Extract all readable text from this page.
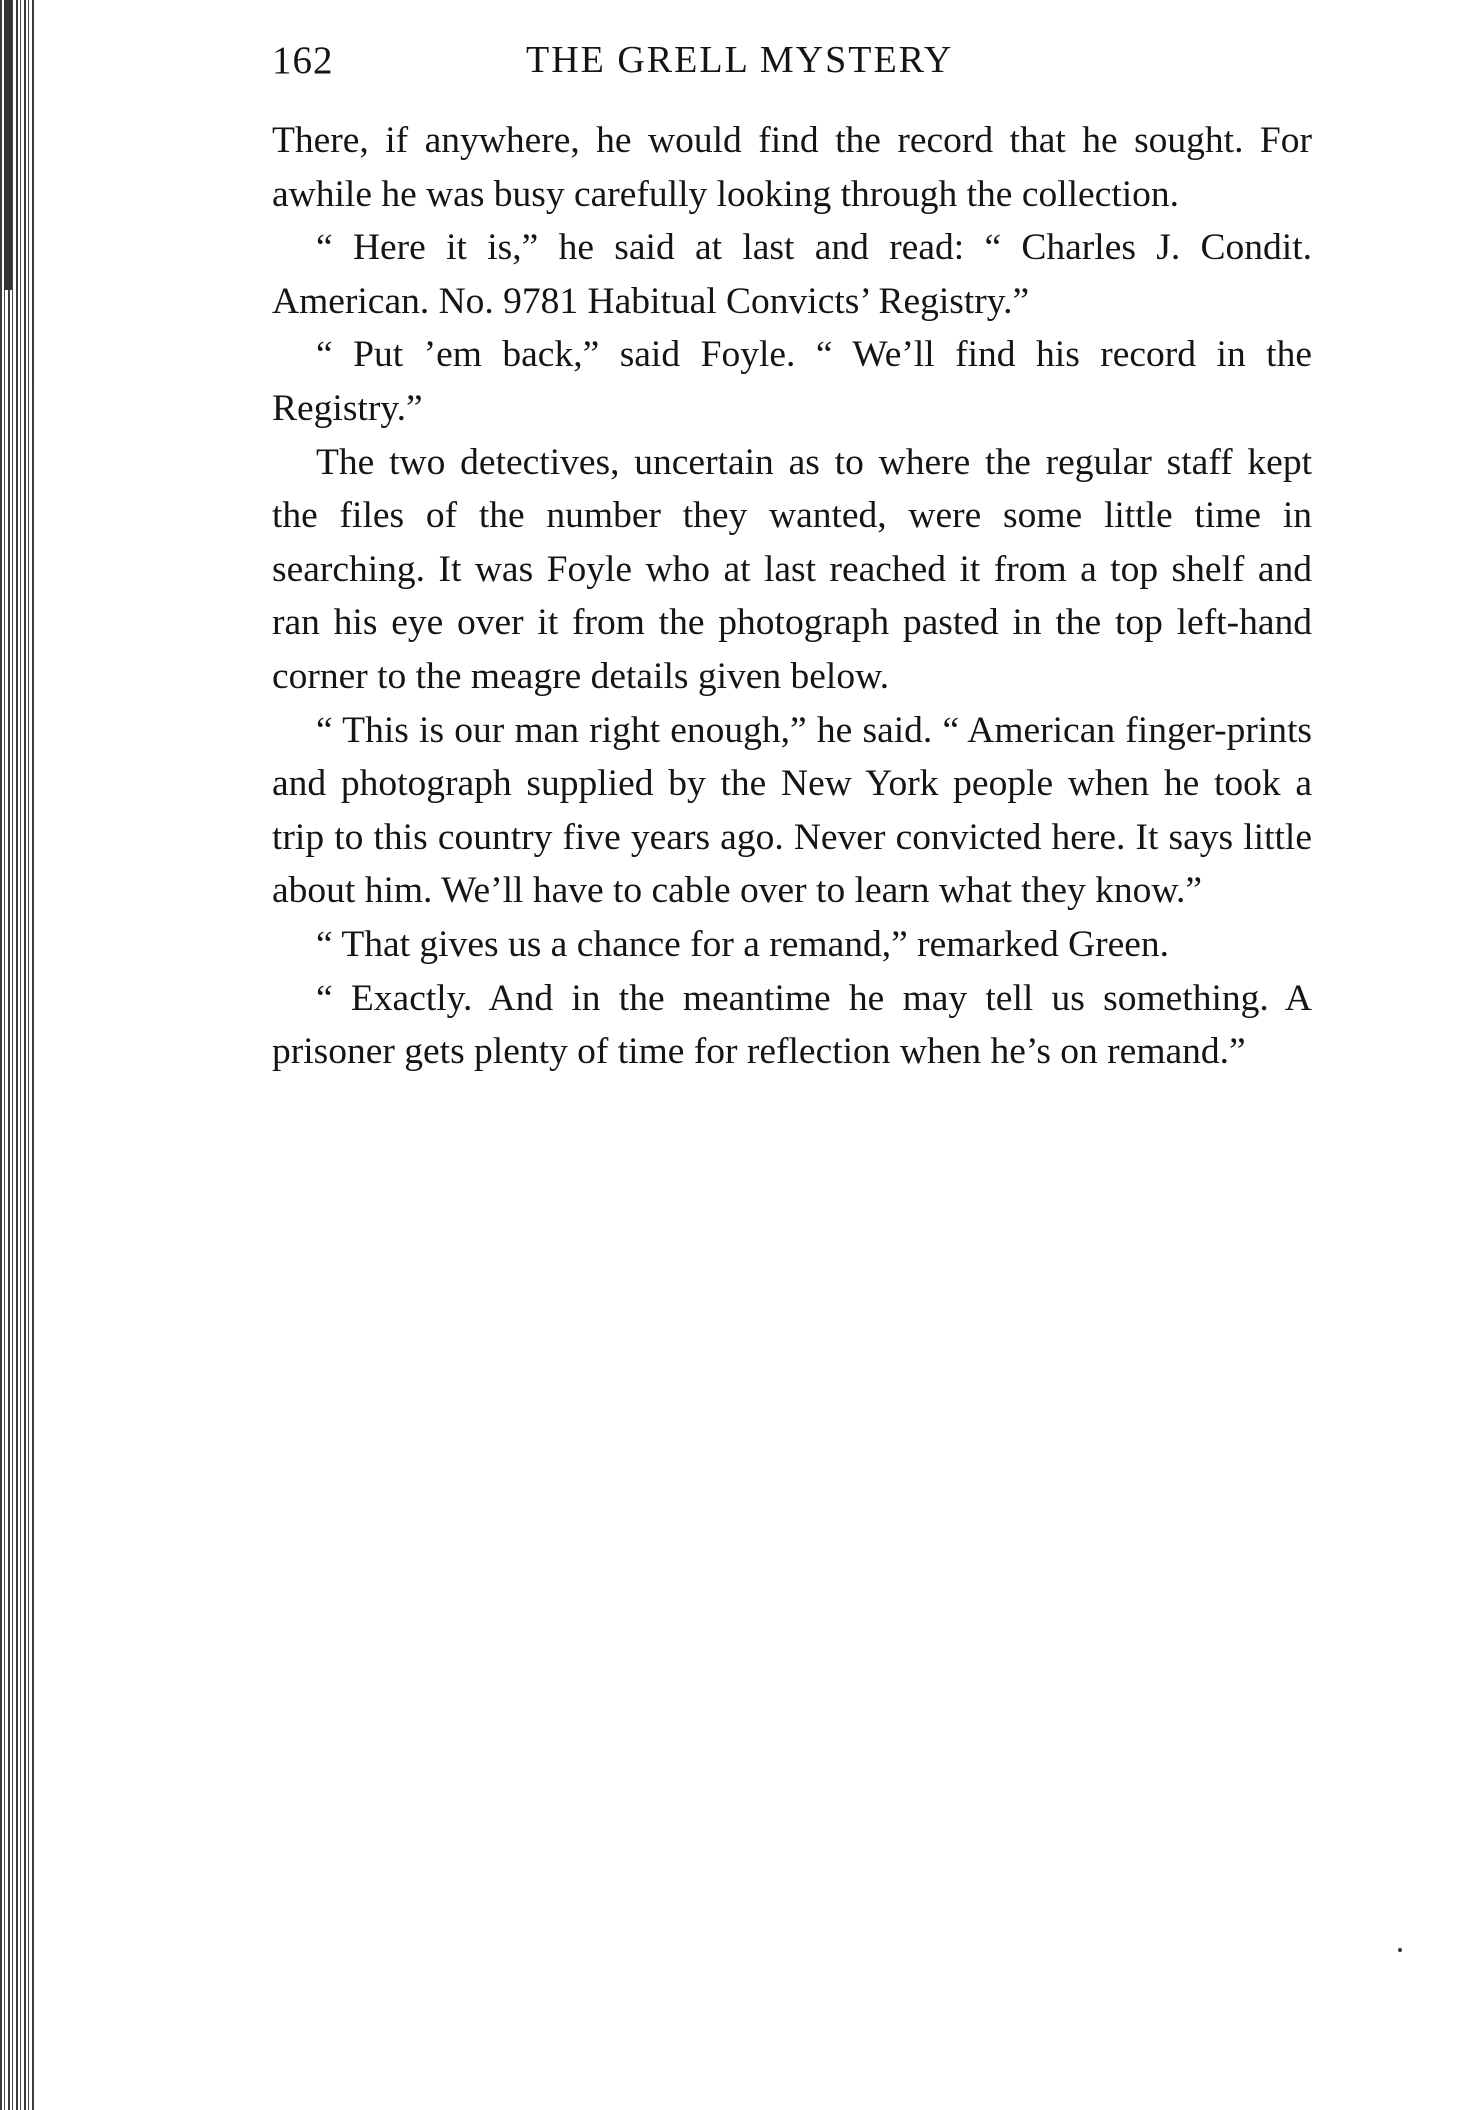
162	THE GRELL MYSTERY

There, if anywhere, he would find the record that he sought. For awhile he was busy carefully looking through the collection.

“ Here it is,” he said at last and read: “ Charles J. Condit. American. No. 9781 Habitual Convicts’ Registry.”

“ Put ’em back,” said Foyle. “ We’ll find his record in the Registry.”

The two detectives, uncertain as to where the regular staff kept the files of the number they wanted, were some little time in searching. It was Foyle who at last reached it from a top shelf and ran his eye over it from the photograph pasted in the top left-hand corner to the meagre details given below.

“ This is our man right enough,” he said. “ American finger-prints and photograph supplied by the New York people when he took a trip to this country five years ago. Never convicted here. It says little about him. We’ll have to cable over to learn what they know.”

“ That gives us a chance for a remand,” remarked Green.

“ Exactly. And in the meantime he may tell us something. A prisoner gets plenty of time for reflection when he’s on remand.”
